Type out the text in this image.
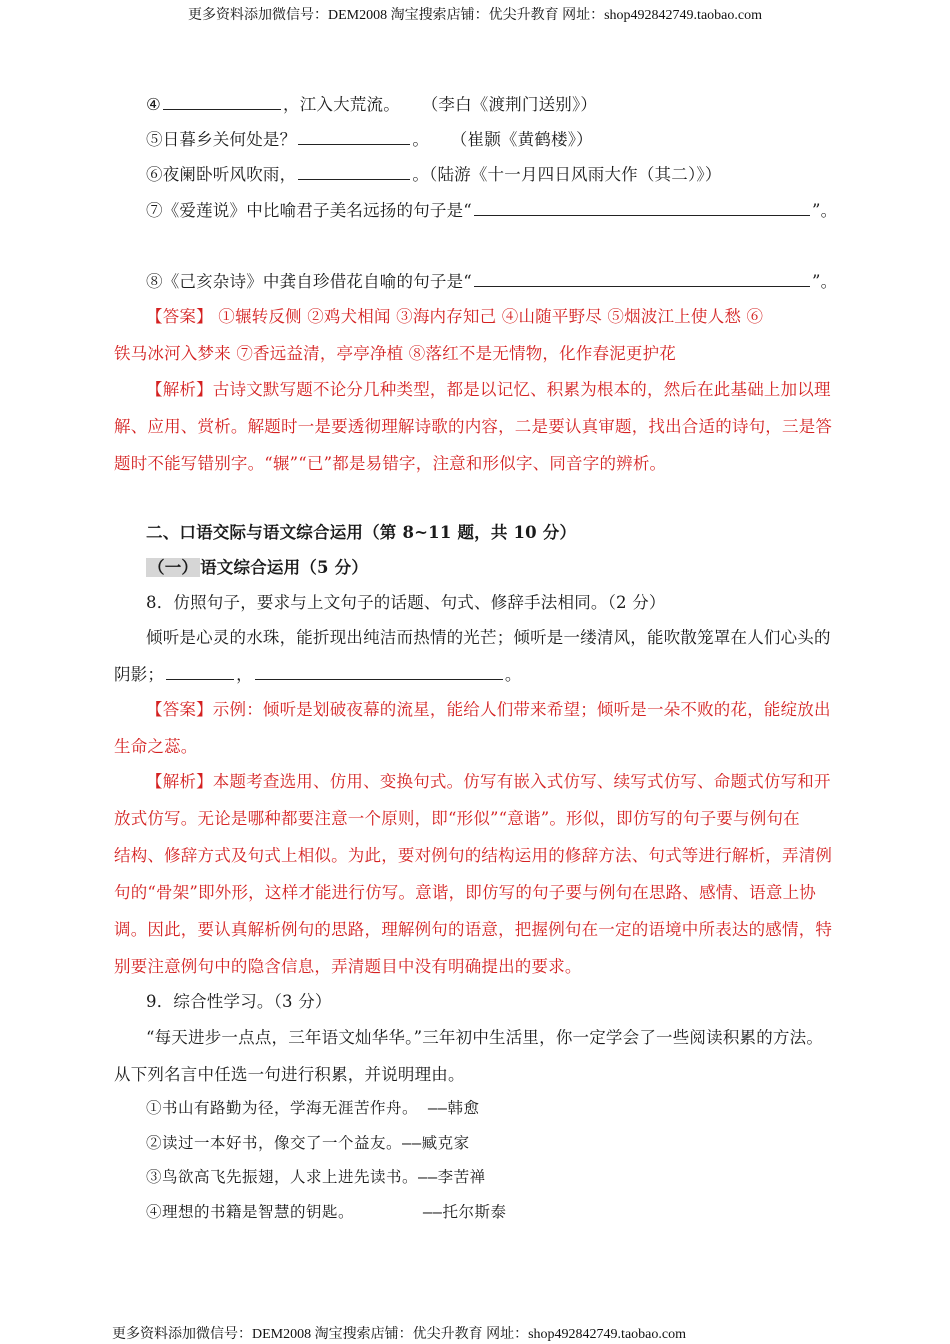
更多资料添加微信号：DEM2008 淘宝搜索店铺：优尖升教育 网址：shop492842749.taobao.com
④	，江入大荒流。 （李白《渡荆门送别》）
⑤日暮乡关何处是？	。 （崔颢《黄鹤楼》）
⑥夜阑卧听风吹雨，	。（陆游《十一月四日风雨大作（其二）》）
⑦《爱莲说》中比喻君子美名远扬的句子是“	”。
⑧《己亥杂诗》中龚自珍借花自喻的句子是“	”。
【答案】 ①辗转反侧 ②鸡犬相闻 ③海内存知己 ④山随平野尽 ⑤烟波江上使人愁 ⑥
铁马冰河入梦来 ⑦香远益清，亭亭净植 ⑧落红不是无情物，化作春泥更护花
【解析】古诗文默写题不论分几种类型，都是以记忆、积累为根本的，然后在此基础上加以理
解、应用、赏析。解题时一是要透彻理解诗歌的内容，二是要认真审题，找出合适的诗句，三是答
题时不能写错别字。“辗”“已”都是易错字，注意和形似字、同音字的辨析。
二、口语交际与语文综合运用（第 8~11 题，共 10 分）
（一） 语文综合运用（5 分）
8．仿照句子，要求与上文句子的话题、句式、修辞手法相同。（2 分）
倾听是心灵的水珠，能折现出纯洁而热情的光芒；倾听是一缕清风，能吹散笼罩在人们心头的
阴影；	，	。
【答案】示例：倾听是划破夜幕的流星，能给人们带来希望；倾听是一朵不败的花，能绽放出
生命之蕊。
【解析】本题考查选用、仿用、变换句式。仿写有嵌入式仿写、续写式仿写、命题式仿写和开
放式仿写。无论是哪种都要注意一个原则，即“形似”“意谐”。形似，即仿写的句子要与例句在
结构、修辞方式及句式上相似。为此，要对例句的结构运用的修辞方法、句式等进行解析，弄清例
句的“骨架”即外形，这样才能进行仿写。意谐，即仿写的句子要与例句在思路、感情、语意上协
调。因此，要认真解析例句的思路，理解例句的语意，把握例句在一定的语境中所表达的感情，特
别要注意例句中的隐含信息，弄清题目中没有明确提出的要求。
9．综合性学习。（3 分）
“每天进步一点点，三年语文灿华华。”三年初中生活里，你一定学会了一些阅读积累的方法。
从下列名言中任选一句进行积累，并说明理由。
①书山有路勤为径，学海无涯苦作舟。 ——韩愈
②读过一本好书，像交了一个益友。——臧克家
③鸟欲高飞先振翅，人求上进先读书。——李苦禅
④理想的书籍是智慧的钥匙。       ——托尔斯泰
更多资料添加微信号：DEM2008 淘宝搜索店铺：优尖升教育 网址：shop492842749.taobao.com
